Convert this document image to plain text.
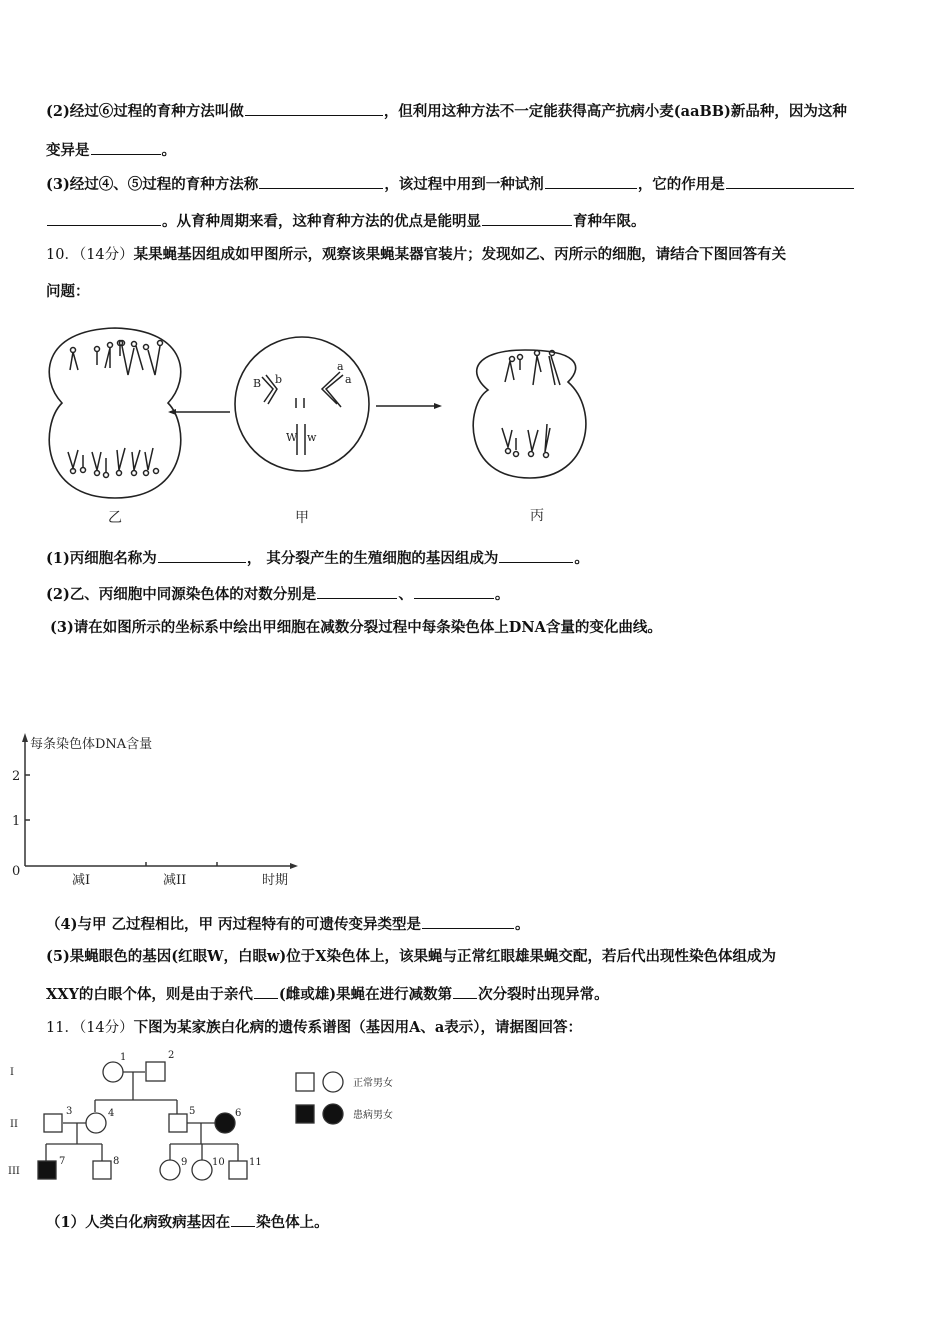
(2)经过⑥过程的育种方法叫做	，但利用这种方法不一定能获得高产抗病小麦(aaBB)新品种，因为这种
变异是	。
(3)经过④、⑤过程的育种方法称	，该过程中用到一种试剂	，它的作用是
。从育种周期来看，这种育种方法的优点是能明显	育种年限。
10．（14分）某果蝇基因组成如甲图所示，观察该果蝇某器官装片；发现如乙、丙所示的细胞，请结合下图回答有关
问题：
B b
a
a
W w
乙	甲	丙
(1)丙细胞名称为	， 其分裂产生的生殖细胞的基因组成为	。
(2)乙、丙细胞中同源染色体的对数分别是	、	。
(3)请在如图所示的坐标系中绘出甲细胞在减数分裂过程中每条染色体上DNA含量的变化曲线。
每条染色体DNA含量
0
2
1
减I	减II	时期
（4)与甲 乙过程相比，甲 丙过程特有的可遗传变异类型是	。
(5)果蝇眼色的基因(红眼W，白眼w)位于X染色体上，该果蝇与正常红眼雄果蝇交配，若后代出现性染色体组成为
XXY的白眼个体，则是由于亲代 (雌或雄)果蝇在进行减数第 次分裂时出现异常。
11．（14分）下图为某家族白化病的遗传系谱图（基因用A、a表示），请据图回答：
I
II
III
1	2
3	4	5	6
7	8	9 10 11
正常男女
患病男女
（1）人类白化病致病基因在 染色体上。
